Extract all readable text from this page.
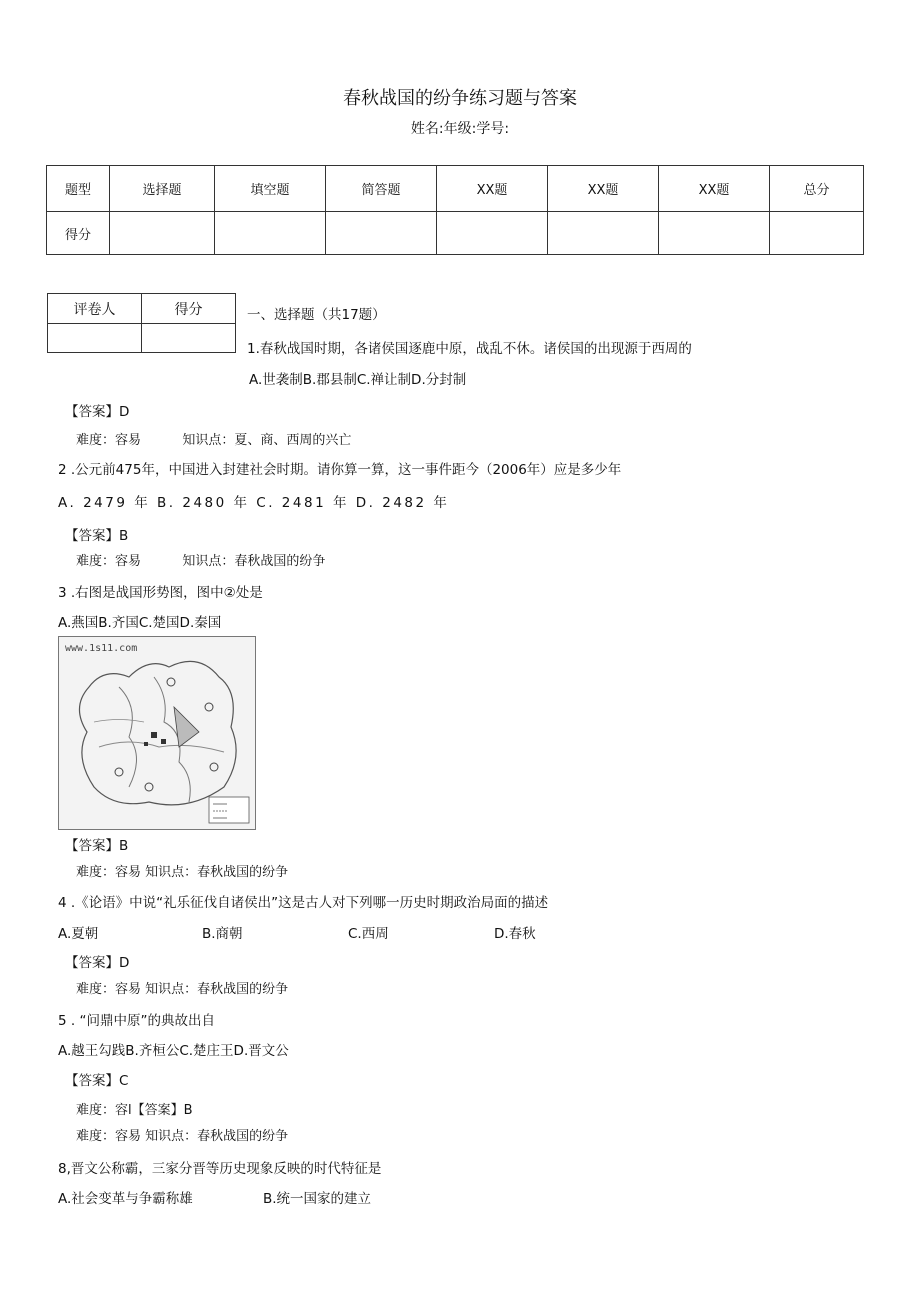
春秋战国的纷争练习题与答案
姓名:年级:学号:
题型	选择题	填空题	简答题	XX题	XX题	XX题	总分
得分							
评卷人	得分
		一、选择题（共17题）
1.春秋战国时期，各诸侯国逐鹿中原，战乱不休。诸侯国的出现源于西周的
A.世袭制B.郡县制C.禅让制D.分封制
【答案】D
难度：容易          知识点：夏、商、西周的兴亡
2 .公元前475年，中国进入封建社会时期。请你算一算，这一事件距今（2006年）应是多少年
A. 2479 年 B. 2480 年 C. 2481 年 D. 2482 年
【答案】B
难度：容易          知识点：春秋战国的纷争
3 .右图是战国形势图，图中②处是
A.燕国B.齐国C.楚国D.秦国
www.1s11.com
【答案】B
难度：容易 知识点：春秋战国的纷争
4 .《论语》中说“礼乐征伐自诸侯出”这是古人对下列哪一历史时期政治局面的描述
A.夏朝	B.商朝	C.西周	D.春秋
【答案】D
难度：容易 知识点：春秋战国的纷争
5 . “问鼎中原”的典故出自
A.越王勾践B.齐桓公C.楚庄王D.晋文公
【答案】C
难度：容l【答案】B
难度：容易 知识点：春秋战国的纷争
8,晋文公称霸，三家分晋等历史现象反映的时代特征是
A.社会变革与争霸称雄	B.统一国家的建立
